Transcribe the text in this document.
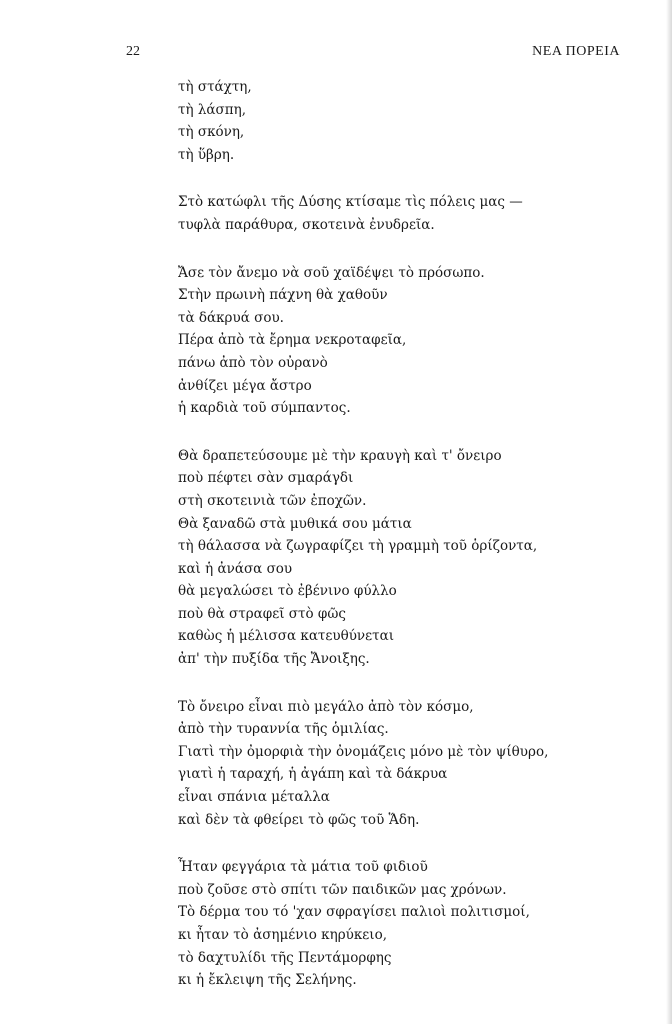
22	ΝΕΑ ΠΟΡΕΙΑ
τὴ στάχτη,
τὴ λάσπη,
τὴ σκόνη,
τὴ ὕβρη.
Στὸ κατώφλι τῆς Δύσης κτίσαμε τὶς πόλεις μας —
τυφλὰ παράθυρα, σκοτεινὰ ἐνυδρεῖα.
Ἄσε τὸν ἄνεμο νὰ σοῦ χαϊδέψει τὸ πρόσωπο.
Στὴν πρωινὴ πάχνη θὰ χαθοῦν
τὰ δάκρυά σου.
Πέρα ἀπὸ τὰ ἔρημα νεκροταφεῖα,
πάνω ἀπὸ τὸν οὐρανὸ
ἀνθίζει μέγα ἄστρο
ἡ καρδιὰ τοῦ σύμπαντος.
Θὰ δραπετεύσουμε μὲ τὴν κραυγὴ καὶ τ' ὄνειρο
ποὺ πέφτει σὰν σμαράγδι
στὴ σκοτεινιὰ τῶν ἐποχῶν.
Θὰ ξαναδῶ στὰ μυθικά σου μάτια
τὴ θάλασσα νὰ ζωγραφίζει τὴ γραμμὴ τοῦ ὁρίζοντα,
καὶ ἡ ἀνάσα σου
θὰ μεγαλώσει τὸ ἐβένινο φύλλο
ποὺ θὰ στραφεῖ στὸ φῶς
καθὼς ἡ μέλισσα κατευθύνεται
ἀπ' τὴν πυξίδα τῆς Ἄνοιξης.
Τὸ ὄνειρο εἶναι πιὸ μεγάλο ἀπὸ τὸν κόσμο,
ἀπὸ τὴν τυραννία τῆς ὁμιλίας.
Γιατὶ τὴν ὀμορφιὰ τὴν ὀνομάζεις μόνο μὲ τὸν ψίθυρο,
γιατὶ ἡ ταραχή, ἡ ἀγάπη καὶ τὰ δάκρυα
εἶναι σπάνια μέταλλα
καὶ δὲν τὰ φθείρει τὸ φῶς τοῦ Ἅδη.
Ἦταν φεγγάρια τὰ μάτια τοῦ φιδιοῦ
ποὺ ζοῦσε στὸ σπίτι τῶν παιδικῶν μας χρόνων.
Τὸ δέρμα του τό 'χαν σφραγίσει παλιοὶ πολιτισμοί,
κι ἦταν τὸ ἀσημένιο κηρύκειο,
τὸ δαχτυλίδι τῆς Πεντάμορφης
κι ἡ ἔκλειψη τῆς Σελήνης.
